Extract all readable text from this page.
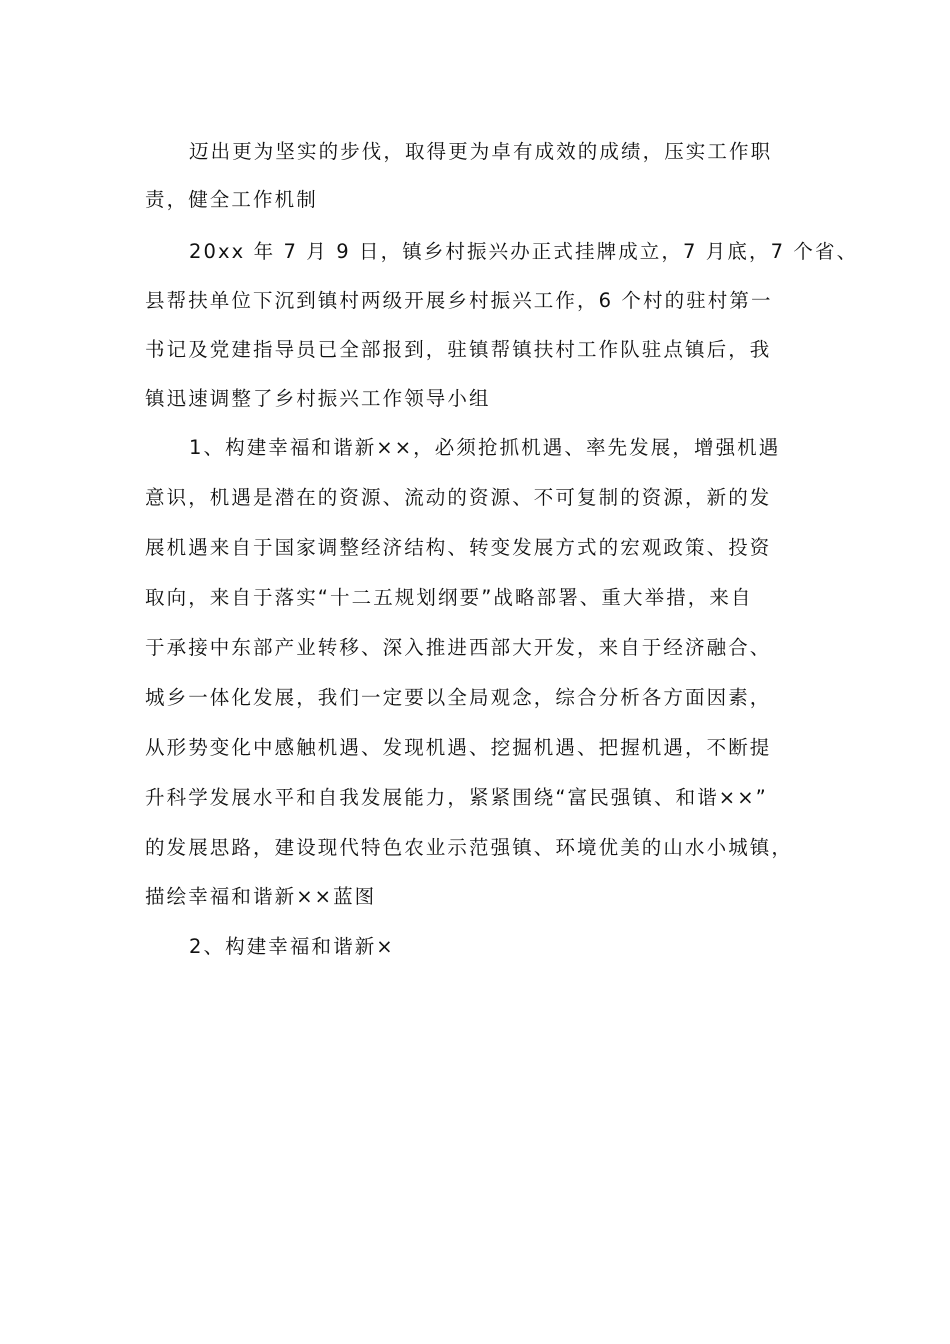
迈出更为坚实的步伐，取得更为卓有成效的成绩，压实工作职
责，健全工作机制
20xx 年 7 月 9 日，镇乡村振兴办正式挂牌成立，7 月底，7 个省、
县帮扶单位下沉到镇村两级开展乡村振兴工作，6 个村的驻村第一
书记及党建指导员已全部报到，驻镇帮镇扶村工作队驻点镇后，我
镇迅速调整了乡村振兴工作领导小组
1、构建幸福和谐新××，必须抢抓机遇、率先发展，增强机遇
意识，机遇是潜在的资源、流动的资源、不可复制的资源，新的发
展机遇来自于国家调整经济结构、转变发展方式的宏观政策、投资
取向，来自于落实“十二五规划纲要”战略部署、重大举措，来自
于承接中东部产业转移、深入推进西部大开发，来自于经济融合、
城乡一体化发展，我们一定要以全局观念，综合分析各方面因素，
从形势变化中感触机遇、发现机遇、挖掘机遇、把握机遇，不断提
升科学发展水平和自我发展能力，紧紧围绕“富民强镇、和谐××”
的发展思路，建设现代特色农业示范强镇、环境优美的山水小城镇，
描绘幸福和谐新××蓝图
2、构建幸福和谐新×
